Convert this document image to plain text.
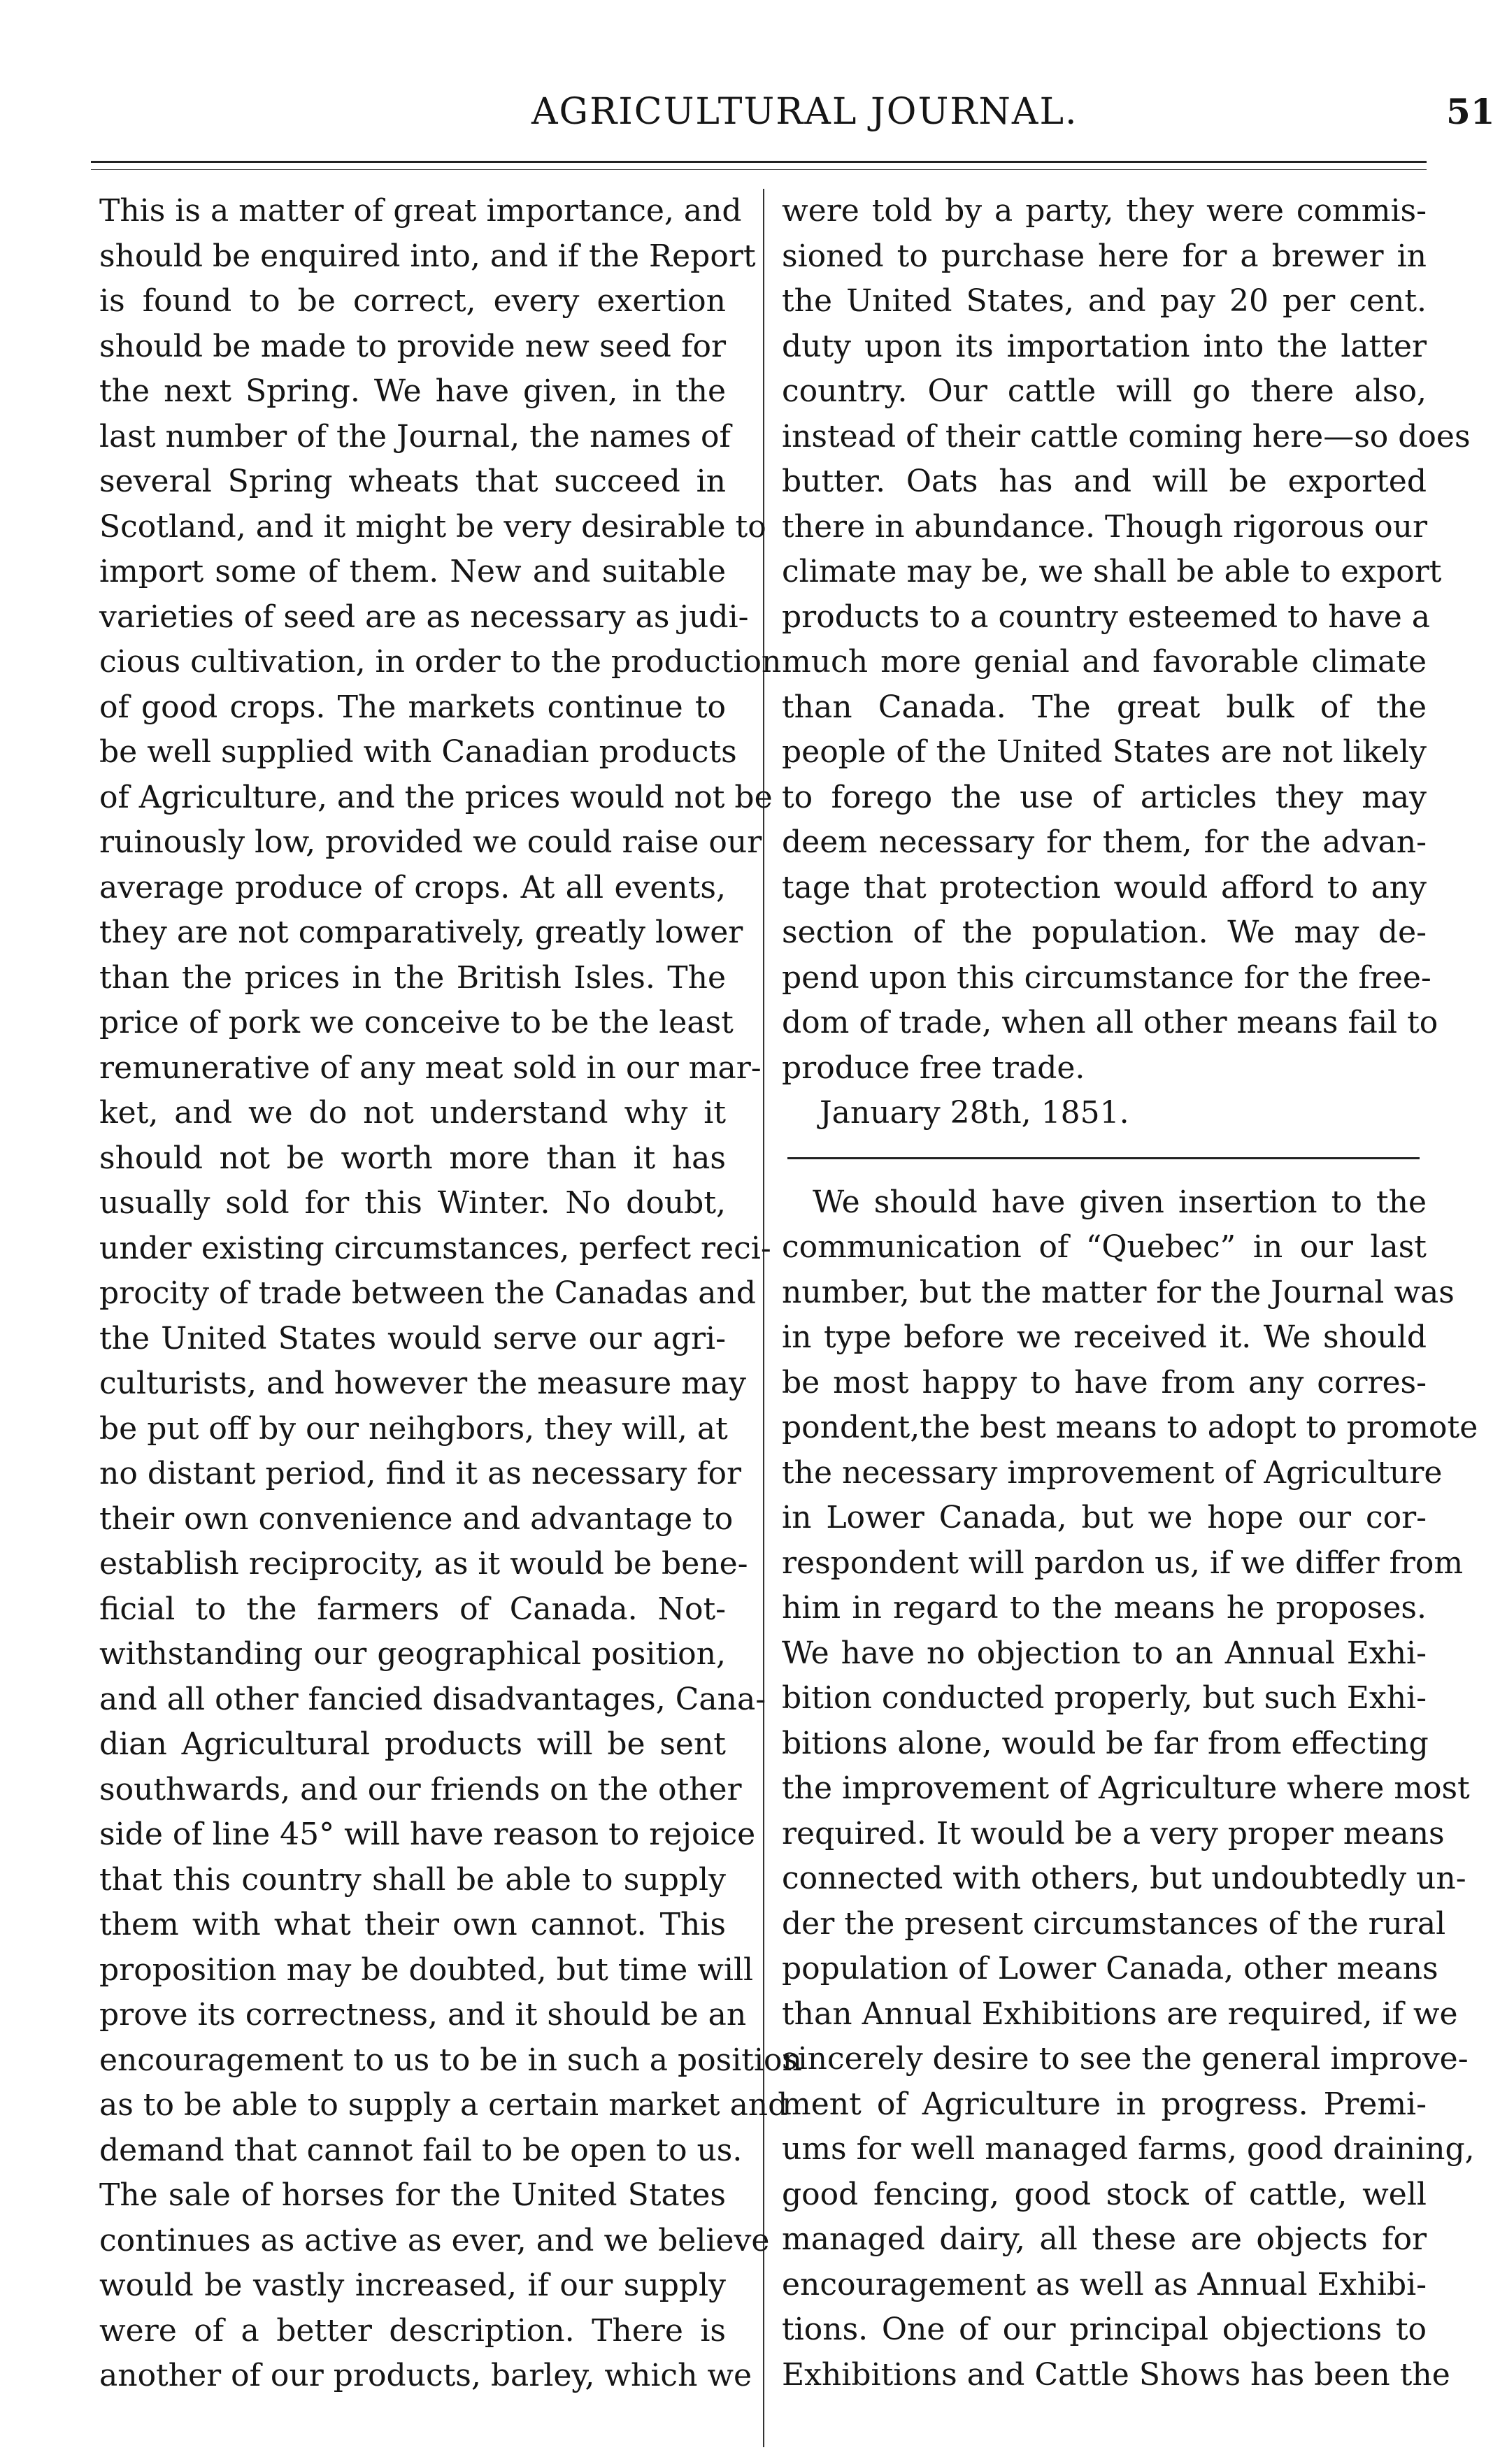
AGRICULTURAL JOURNAL.	51
This is a matter of great importance, and
should be enquired into, and if the Report
is found to be correct, every exertion
should be made to provide new seed for
the next Spring. We have given, in the
last number of the Journal, the names of
several Spring wheats that succeed in
Scotland, and it might be very desirable to
import some of them. New and suitable
varieties of seed are as necessary as judi-
cious cultivation, in order to the production
of good crops. The markets continue to
be well supplied with Canadian products
of Agriculture, and the prices would not be
ruinously low, provided we could raise our
average produce of crops. At all events,
they are not comparatively, greatly lower
than the prices in the British Isles. The
price of pork we conceive to be the least
remunerative of any meat sold in our mar-
ket, and we do not understand why it
should not be worth more than it has
usually sold for this Winter. No doubt,
under existing circumstances, perfect reci-
procity of trade between the Canadas and
the United States would serve our agri-
culturists, and however the measure may
be put off by our neihgbors, they will, at
no distant period, find it as necessary for
their own convenience and advantage to
establish reciprocity, as it would be bene-
ficial to the farmers of Canada. Not-
withstanding our geographical position,
and all other fancied disadvantages, Cana-
dian Agricultural products will be sent
southwards, and our friends on the other
side of line 45° will have reason to rejoice
that this country shall be able to supply
them with what their own cannot. This
proposition may be doubted, but time will
prove its correctness, and it should be an
encouragement to us to be in such a position
as to be able to supply a certain market and
demand that cannot fail to be open to us.
The sale of horses for the United States
continues as active as ever, and we believe
would be vastly increased, if our supply
were of a better description. There is
another of our products, barley, which we
were told by a party, they were commis-
sioned to purchase here for a brewer in
the United States, and pay 20 per cent.
duty upon its importation into the latter
country. Our cattle will go there also,
instead of their cattle coming here—so does
butter. Oats has and will be exported
there in abundance. Though rigorous our
climate may be, we shall be able to export
products to a country esteemed to have a
much more genial and favorable climate
than Canada. The great bulk of the
people of the United States are not likely
to forego the use of articles they may
deem necessary for them, for the advan-
tage that protection would afford to any
section of the population. We may de-
pend upon this circumstance for the free-
dom of trade, when all other means fail to
produce free trade.
January 28th, 1851.
We should have given insertion to the
communication of “Quebec” in our last
number, but the matter for the Journal was
in type before we received it. We should
be most happy to have from any corres-
pondent,the best means to adopt to promote
the necessary improvement of Agriculture
in Lower Canada, but we hope our cor-
respondent will pardon us, if we differ from
him in regard to the means he proposes.
We have no objection to an Annual Exhi-
bition conducted properly, but such Exhi-
bitions alone, would be far from effecting
the improvement of Agriculture where most
required. It would be a very proper means
connected with others, but undoubtedly un-
der the present circumstances of the rural
population of Lower Canada, other means
than Annual Exhibitions are required, if we
sincerely desire to see the general improve-
ment of Agriculture in progress. Premi-
ums for well managed farms, good draining,
good fencing, good stock of cattle, well
managed dairy, all these are objects for
encouragement as well as Annual Exhibi-
tions. One of our principal objections to
Exhibitions and Cattle Shows has been the
